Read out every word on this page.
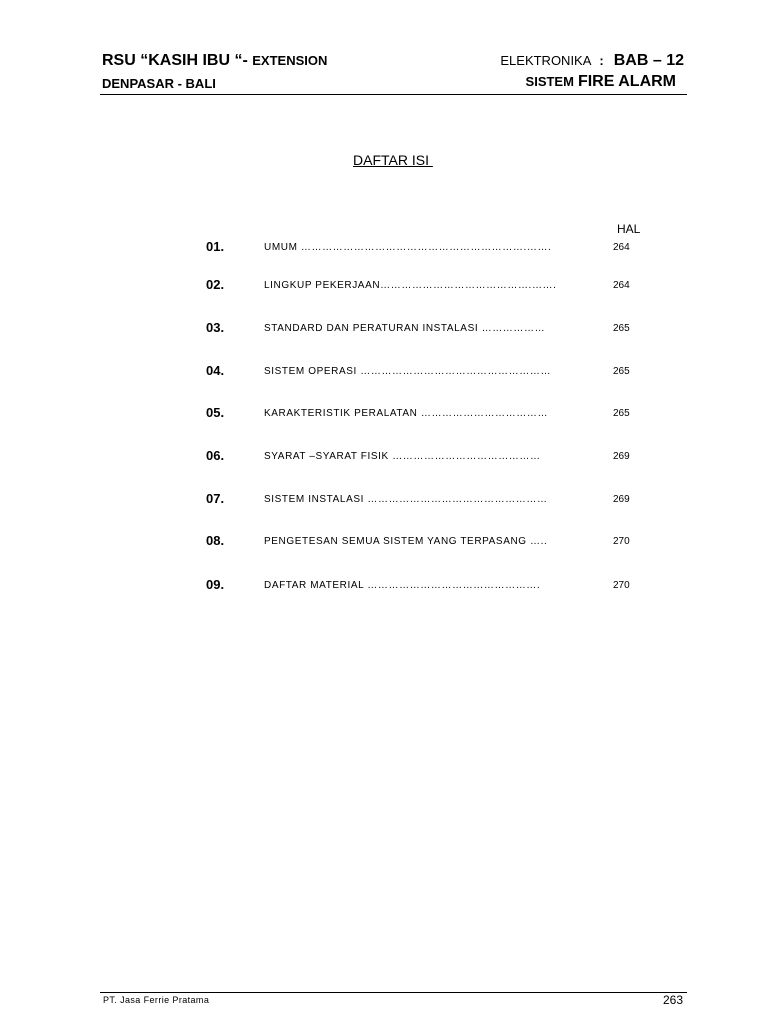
RSU “KASIH IBU “- EXTENSION
DENPASAR - BALI
ELEKTRONIKA : BAB – 12
SISTEM FIRE ALARM
DAFTAR ISI
HAL
01.	UMUM ……………………………………………………….…….	264
02.	LINGKUP PEKERJAAN…………………………………….…….	264
03.	STANDARD DAN PERATURAN INSTALASI ………………	265
04.	SISTEM OPERASI ………………………………………………	265
05.	KARAKTERISTIK PERALATAN ………………………………	265
06.	SYARAT –SYARAT FISIK ……………………………………	269
07.	SISTEM INSTALASI ……………………………………………	269
08.	PENGETESAN SEMUA SISTEM YANG TERPASANG …..	270
09.	DAFTAR MATERIAL ………………………………………….	270
PT. Jasa Ferrie Pratama	263
